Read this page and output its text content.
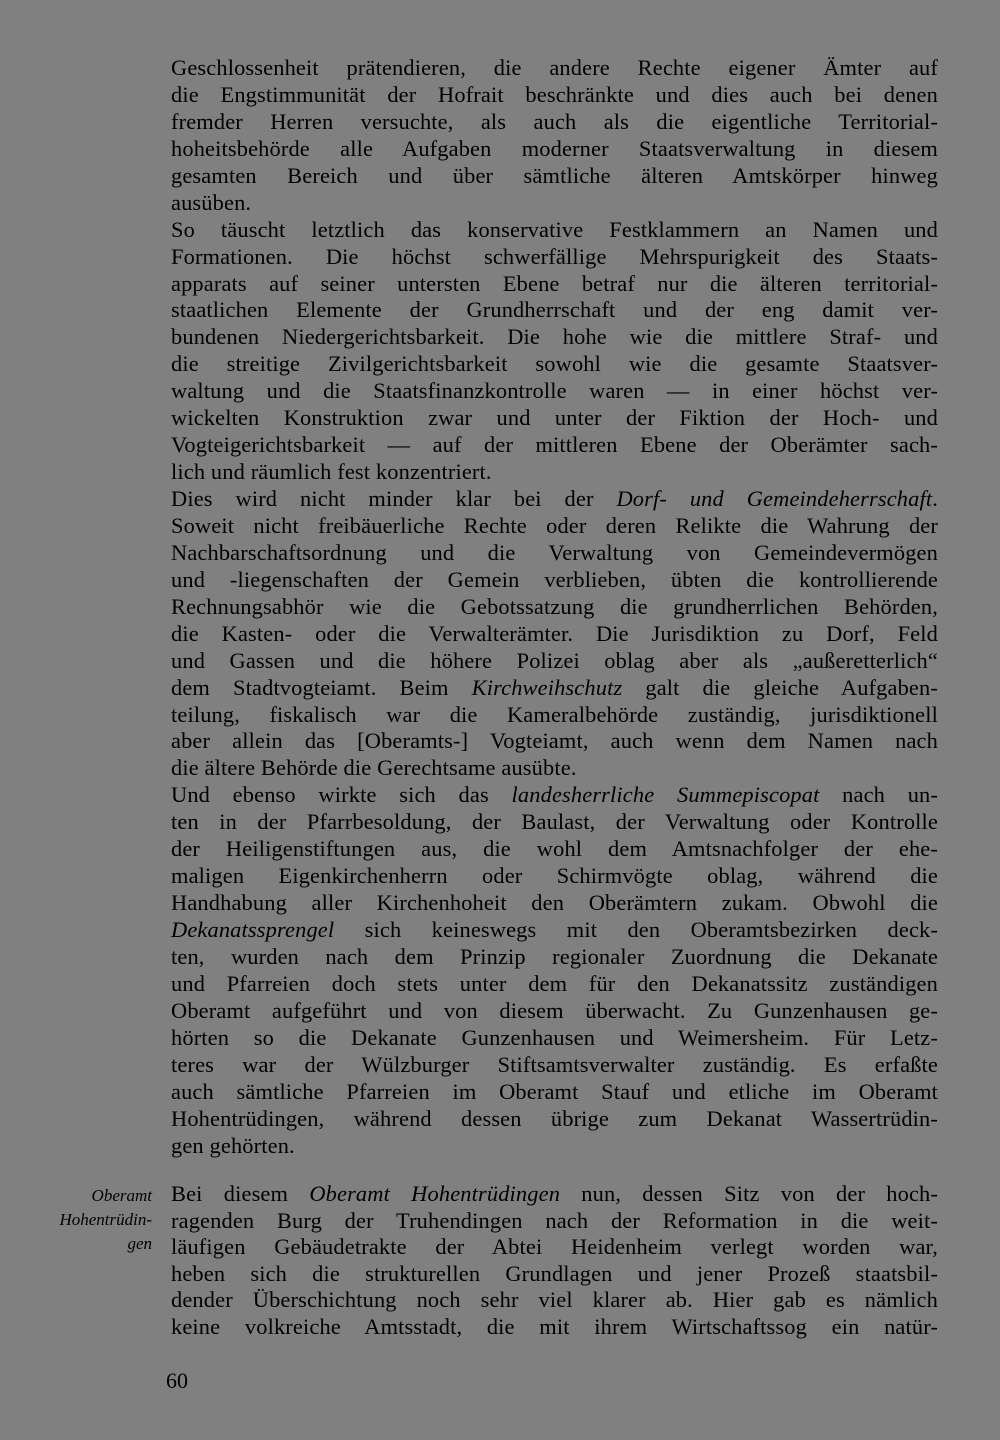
Geschlossenheit prätendieren, die andere Rechte eigener Ämter auf
die Engstimmunität der Hofrait beschränkte und dies auch bei denen
fremder Herren versuchte, als auch als die eigentliche Territorial-
hoheitsbehörde alle Aufgaben moderner Staatsverwaltung in diesem
gesamten Bereich und über sämtliche älteren Amtskörper hinweg
ausüben.
So täuscht letztlich das konservative Festklammern an Namen und
Formationen. Die höchst schwerfällige Mehrspurigkeit des Staats-
apparats auf seiner untersten Ebene betraf nur die älteren territorial-
staatlichen Elemente der Grundherrschaft und der eng damit ver-
bundenen Niedergerichtsbarkeit. Die hohe wie die mittlere Straf- und
die streitige Zivilgerichtsbarkeit sowohl wie die gesamte Staatsver-
waltung und die Staatsfinanzkontrolle waren — in einer höchst ver-
wickelten Konstruktion zwar und unter der Fiktion der Hoch- und
Vogteigerichtsbarkeit — auf der mittleren Ebene der Oberämter sach-
lich und räumlich fest konzentriert.
Dies wird nicht minder klar bei der Dorf- und Gemeindeherrschaft.
Soweit nicht freibäuerliche Rechte oder deren Relikte die Wahrung der
Nachbarschaftsordnung und die Verwaltung von Gemeindevermögen
und -liegenschaften der Gemein verblieben, übten die kontrollierende
Rechnungsabhör wie die Gebotssatzung die grundherrlichen Behörden,
die Kasten- oder die Verwalterämter. Die Jurisdiktion zu Dorf, Feld
und Gassen und die höhere Polizei oblag aber als „außeretterlich“
dem Stadtvogteiamt. Beim Kirchweihschutz galt die gleiche Aufgaben-
teilung, fiskalisch war die Kameralbehörde zuständig, jurisdiktionell
aber allein das [Oberamts-] Vogteiamt, auch wenn dem Namen nach
die ältere Behörde die Gerechtsame ausübte.
Und ebenso wirkte sich das landesherrliche Summepiscopat nach un-
ten in der Pfarrbesoldung, der Baulast, der Verwaltung oder Kontrolle
der Heiligenstiftungen aus, die wohl dem Amtsnachfolger der ehe-
maligen Eigenkirchenherrn oder Schirmvögte oblag, während die
Handhabung aller Kirchenhoheit den Oberämtern zukam. Obwohl die
Dekanatssprengel sich keineswegs mit den Oberamtsbezirken deck-
ten, wurden nach dem Prinzip regionaler Zuordnung die Dekanate
und Pfarreien doch stets unter dem für den Dekanatssitz zuständigen
Oberamt aufgeführt und von diesem überwacht. Zu Gunzenhausen ge-
hörten so die Dekanate Gunzenhausen und Weimersheim. Für Letz-
teres war der Wülzburger Stiftsamtsverwalter zuständig. Es erfaßte
auch sämtliche Pfarreien im Oberamt Stauf und etliche im Oberamt
Hohentrüdingen, während dessen übrige zum Dekanat Wassertrüdin-
gen gehörten.
Oberamt
Hohentrüdin-
gen
Bei diesem Oberamt Hohentrüdingen nun, dessen Sitz von der hoch-
ragenden Burg der Truhendingen nach der Reformation in die weit-
läufigen Gebäudetrakte der Abtei Heidenheim verlegt worden war,
heben sich die strukturellen Grundlagen und jener Prozeß staatsbil-
dender Überschichtung noch sehr viel klarer ab. Hier gab es nämlich
keine volkreiche Amtsstadt, die mit ihrem Wirtschaftssog ein natür-
60
